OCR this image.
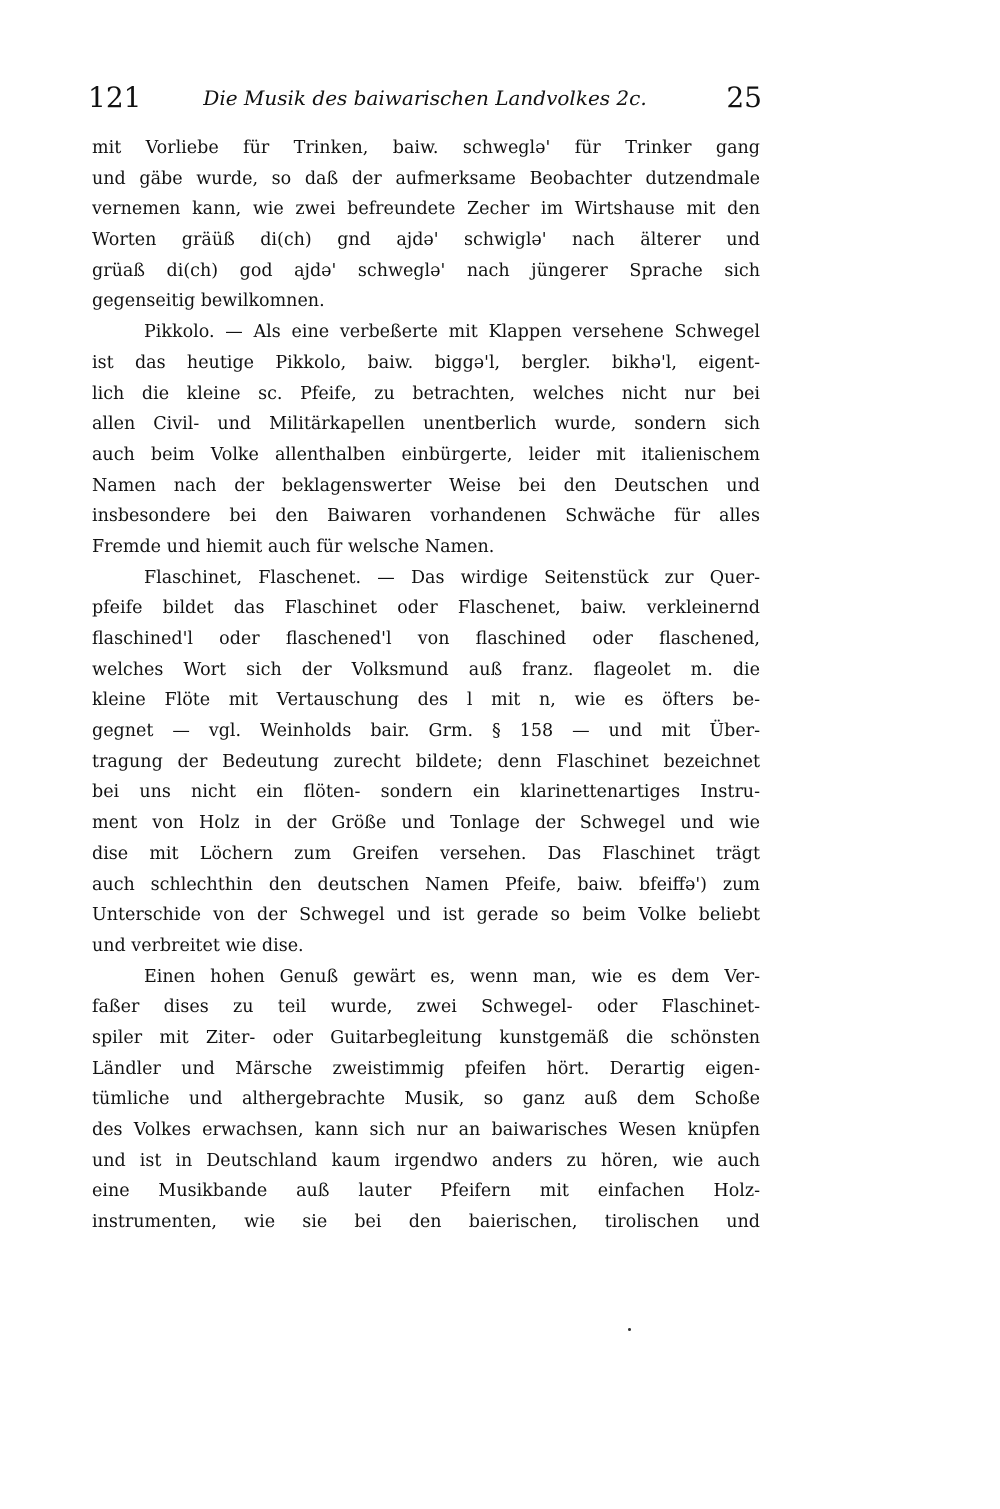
121	Die Musik des baiwarischen Landvolkes 2c.	25
mit Vorliebe für Trinken, baiw. schweglə' für Trinker gang
und gäbe wurde, so daß der aufmerksame Beobachter dutzendmale
vernemen kann, wie zwei befreundete Zecher im Wirtshause mit den
Worten gräüß di(ch) gnd ajdə' schwiglə' nach älterer und
grüaß di(ch) god ajdə' schweglə' nach jüngerer Sprache sich
gegenseitig bewilkomnen.
Pikkolo. — Als eine verbeßerte mit Klappen versehene Schwegel
ist das heutige Pikkolo, baiw. biggə'l, bergler. bikhə'l, eigent-
lich die kleine sc. Pfeife, zu betrachten, welches nicht nur bei
allen Civil- und Militärkapellen unentberlich wurde, sondern sich
auch beim Volke allenthalben einbürgerte, leider mit italienischem
Namen nach der beklagenswerter Weise bei den Deutschen und
insbesondere bei den Baiwaren vorhandenen Schwäche für alles
Fremde und hiemit auch für welsche Namen.
Flaschinet, Flaschenet. — Das wirdige Seitenstück zur Quer-
pfeife bildet das Flaschinet oder Flaschenet, baiw. verkleinernd
flaschined'l oder flaschened'l von flaschined oder flaschened,
welches Wort sich der Volksmund auß franz. flageolet m. die
kleine Flöte mit Vertauschung des l mit n, wie es öfters be-
gegnet — vgl. Weinholds bair. Grm. § 158 — und mit Über-
tragung der Bedeutung zurecht bildete; denn Flaschinet bezeichnet
bei uns nicht ein flöten- sondern ein klarinettenartiges Instru-
ment von Holz in der Größe und Tonlage der Schwegel und wie
dise mit Löchern zum Greifen versehen. Das Flaschinet trägt
auch schlechthin den deutschen Namen Pfeife, baiw. bfeiffə') zum
Unterschide von der Schwegel und ist gerade so beim Volke beliebt
und verbreitet wie dise.
Einen hohen Genuß gewärt es, wenn man, wie es dem Ver-
faßer dises zu teil wurde, zwei Schwegel- oder Flaschinet-
spiler mit Ziter- oder Guitarbegleitung kunstgemäß die schönsten
Ländler und Märsche zweistimmig pfeifen hört. Derartig eigen-
tümliche und althergebrachte Musik, so ganz auß dem Schoße
des Volkes erwachsen, kann sich nur an baiwarisches Wesen knüpfen
und ist in Deutschland kaum irgendwo anders zu hören, wie auch
eine Musikbande auß lauter Pfeifern mit einfachen Holz-
instrumenten, wie sie bei den baierischen, tirolischen und
